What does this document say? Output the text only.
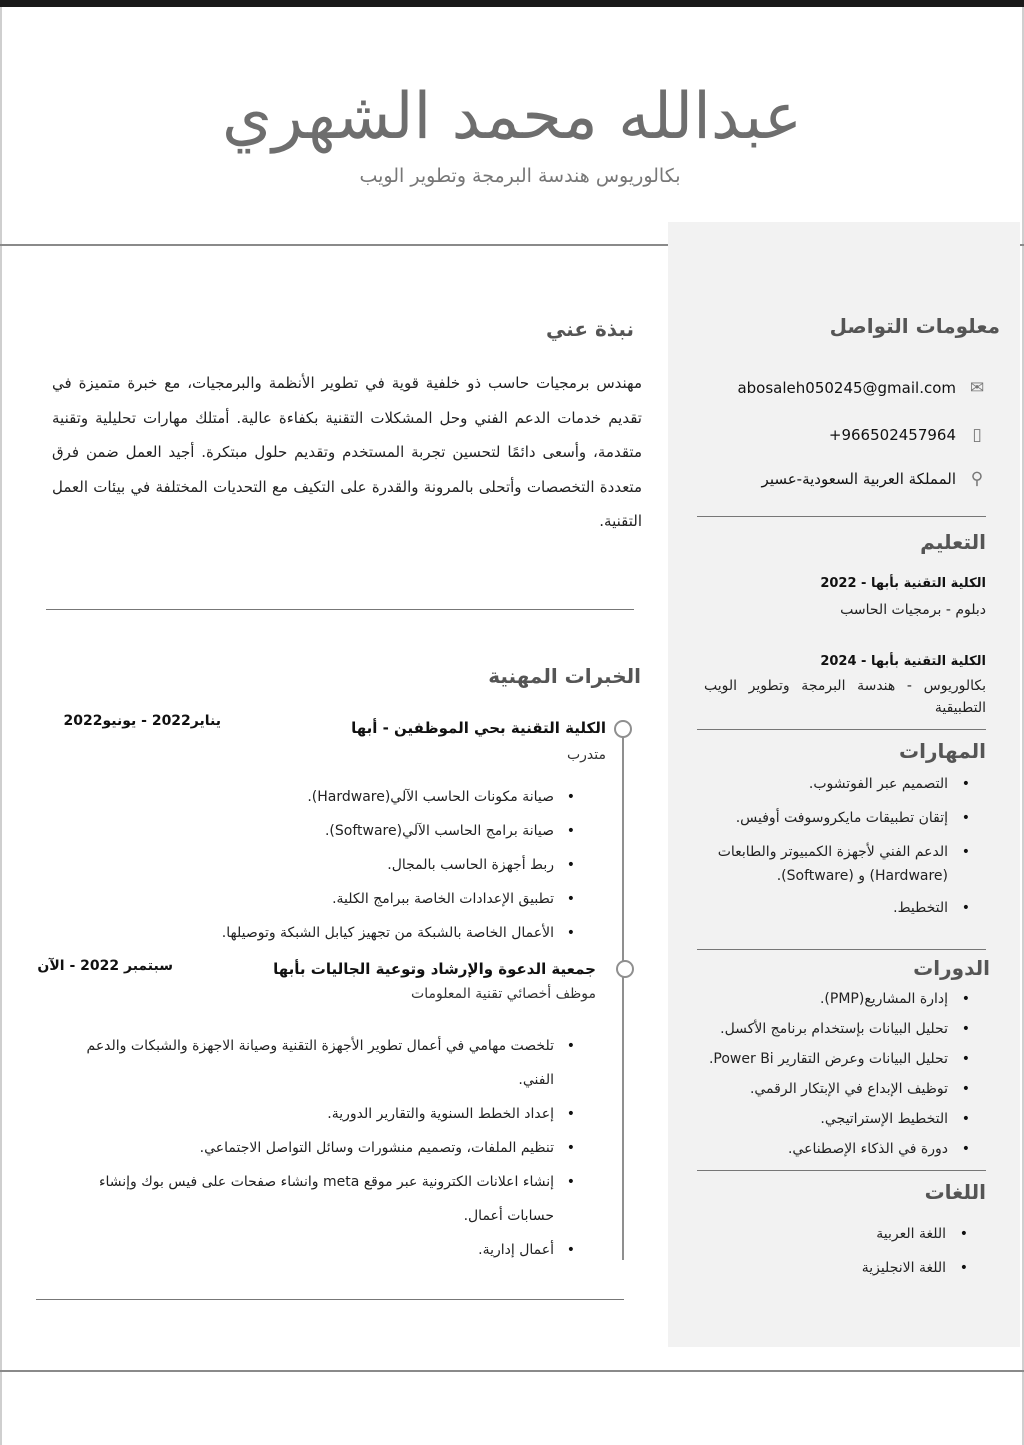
عبدالله محمد الشهري
بكالوريوس هندسة البرمجة وتطوير الويب
معلومات التواصل
✉
abosaleh050245@gmail.com
▯
+966502457964
⚲
المملكة العربية السعودية-عسير
التعليم
الكلية التقنية بأبها - 2022
دبلوم - برمجيات الحاسب
الكلية التقنية بأبها - 2024
بكالوريوس - هندسة البرمجة وتطوير الويب التطبيقية
المهارات
• التصميم عبر الفوتشوب.
• إتقان تطبيقات مايكروسوفت أوفيس.
• الدعم الفني لأجهزة الكمبيوتر والطابعات (Hardware) و (Software).
• التخطيط.
الدورات
• إدارة المشاريع(PMP).
• تحليل البيانات بإستخدام برنامج الأكسل.
• تحليل البيانات وعرض التقارير Power Bi.
• توظيف الإبداع في الإبتكار الرقمي.
• التخطيط الإستراتيجي.
• دورة في الذكاء الإصطناعي.
اللغات
• اللغة العربية
• اللغة الانجليزية
نبذة عني

مهندس برمجيات حاسب ذو خلفية قوية في تطوير الأنظمة والبرمجيات، مع خبرة متميزة في تقديم خدمات الدعم الفني وحل المشكلات التقنية بكفاءة عالية. أمتلك مهارات تحليلية وتقنية متقدمة، وأسعى دائمًا لتحسين تجربة المستخدم وتقديم حلول مبتكرة. أجيد العمل ضمن فرق متعددة التخصصات وأتحلى بالمرونة والقدرة على التكيف مع التحديات المختلفة في بيئات العمل التقنية.

الخبرات المهنية
الكلية التقنية بحي الموظفين - أبها
يناير2022 - يونيو2022
متدرب
• صيانة مكونات الحاسب الآلي(Hardware).
• صيانة برامج الحاسب الآلي(Software).
• ربط أجهزة الحاسب بالمجال.
• تطبيق الإعدادات الخاصة ببرامج الكلية.
• الأعمال الخاصة بالشبكة من تجهيز كيابل الشبكة وتوصيلها.
جمعية الدعوة والإرشاد وتوعية الجاليات بأبها
سبتمبر 2022 - الآن
موظف أخصائي تقنية المعلومات
• تلخصت مهامي في أعمال تطوير الأجهزة التقنية وصيانة الاجهزة والشبكات والدعم الفني.
• إعداد الخطط السنوية والتقارير الدورية.
• تنظيم الملفات، وتصميم منشورات وسائل التواصل الاجتماعي.
• إنشاء اعلانات الكترونية عبر موقع meta وانشاء صفحات على فيس بوك وإنشاء حسابات أعمال.
• أعمال إدارية.
